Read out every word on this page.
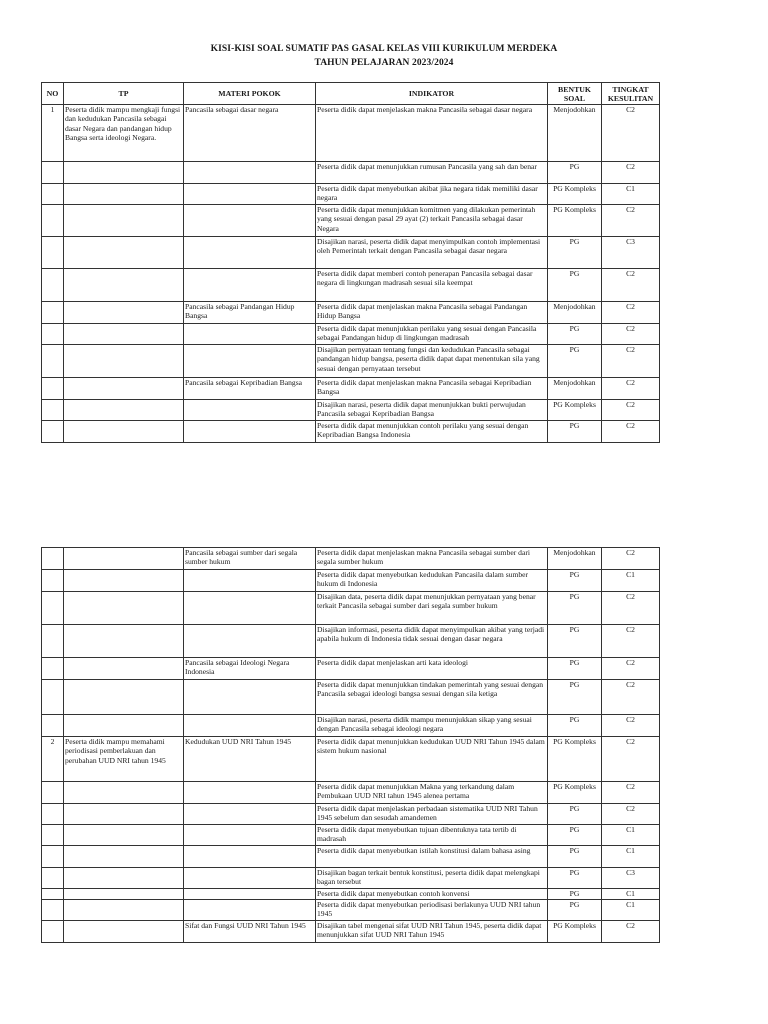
KISI-KISI SOAL SUMATIF PAS GASAL KELAS VIII KURIKULUM MERDEKA
TAHUN PELAJARAN 2023/2024
NO	TP	MATERI POKOK	INDIKATOR	BENTUK SOAL	TINGKAT KESULITAN
1	Peserta didik mampu mengkaji fungsi dan kedudukan Pancasila sebagai dasar Negara dan pandangan hidup Bangsa serta ideologi Negara.	Pancasila sebagai dasar negara	Peserta didik dapat menjelaskan makna Pancasila sebagai dasar negara	Menjodohkan	C2
			Peserta didik dapat menunjukkan rumusan Pancasila yang sah dan benar	PG	C2
			Peserta didik dapat menyebutkan akibat jika negara tidak memiliki dasar negara	PG Kompleks	C1
			Peserta didik dapat menunjukkan komitmen yang dilakukan pemerintah yang sesuai dengan pasal 29 ayat (2) terkait Pancasila sebagai dasar Negara	PG Kompleks	C2
			Disajikan narasi, peserta didik dapat menyimpulkan contoh implementasi oleh Pemerintah terkait dengan Pancasila sebagai dasar negara	PG	C3
			Peserta didik dapat memberi contoh penerapan Pancasila sebagai dasar negara di lingkungan madrasah sesuai sila keempat	PG	C2
		Pancasila sebagai Pandangan Hidup Bangsa	Peserta didik dapat menjelaskan makna Pancasila sebagai Pandangan Hidup Bangsa	Menjodohkan	C2
			Peserta didik dapat menunjukkan perilaku yang sesuai dengan Pancasila sebagai Pandangan hidup di lingkungan madrasah	PG	C2
			Disajikan pernyataan tentang fungsi dan kedudukan Pancasila sebagai pandangan hidup bangsa, peserta didik dapat dapat menentukan sila yang sesuai dengan pernyataan tersebut	PG	C2
		Pancasila sebagai Kepribadian Bangsa	Peserta didik dapat menjelaskan makna Pancasila sebagai Kepribadian Bangsa	Menjodohkan	C2
			Disajikan narasi, peserta didik dapat menunjukkan bukti perwujudan Pancasila sebagai Kepribadian Bangsa	PG Kompleks	C2
			Peserta didik dapat menunjukkan contoh perilaku yang sesuai dengan Kepribadian Bangsa Indonesia	PG	C2
		Pancasila sebagai sumber dari segala sumber hukum	Peserta didik dapat menjelaskan makna Pancasila sebagai sumber dari segala sumber hukum	Menjodohkan	C2
			Peserta didik dapat menyebutkan kedudukan Pancasila dalam sumber hukum di Indonesia	PG	C1
			Disajikan data, peserta didik dapat menunjukkan pernyataan yang benar terkait Pancasila sebagai sumber dari segala sumber hukum	PG	C2
			Disajikan informasi, peserta didik dapat menyimpulkan akibat yang terjadi apabila hukum di Indonesia tidak sesuai dengan dasar negara	PG	C2
		Pancasila sebagai Ideologi Negara Indonesia	Peserta didik dapat menjelaskan arti kata ideologi	PG	C2
			Peserta didik dapat menunjukkan tindakan pemerintah yang sesuai dengan Pancasila sebagai ideologi bangsa sesuai dengan sila ketiga	PG	C2
			Disajikan narasi, peserta didik mampu menunjukkan sikap yang sesuai dengan Pancasila sebagai ideologi negara	PG	C2
2	Peserta didik mampu memahami periodisasi pemberlakuan dan perubahan UUD NRI tahun 1945	Kedudukan UUD NRI Tahun 1945	Peserta didik dapat menunjukkan kedudukan UUD NRI Tahun 1945 dalam sistem hukum nasional	PG Kompleks	C2
			Peserta didik dapat menunjukkan Makna yang terkandung dalam Pembukaan UUD NRI tahun 1945 alenea pertama	PG Kompleks	C2
			Peserta didik dapat menjelaskan perbadaan sistematika UUD NRI Tahun 1945 sebelum dan sesudah amandemen	PG	C2
			Peserta didik dapat menyebutkan tujuan dibentuknya tata tertib di madrasah	PG	C1
			Peserta didik dapat menyebutkan istilah konstitusi dalam bahasa asing	PG	C1
			Disajikan bagan terkait bentuk konstitusi, peserta didik dapat melengkapi bagan tersebut	PG	C3
			Peserta didik dapat menyebutkan contoh konvensi	PG	C1
			Peserta didik dapat menyebutkan periodisasi berlakunya UUD NRI tahun 1945	PG	C1
		Sifat dan Fungsi UUD NRI Tahun 1945	Disajikan tabel mengenai sifat UUD NRI Tahun 1945, peserta didik dapat menunjukkan sifat UUD NRI Tahun 1945	PG Kompleks	C2
